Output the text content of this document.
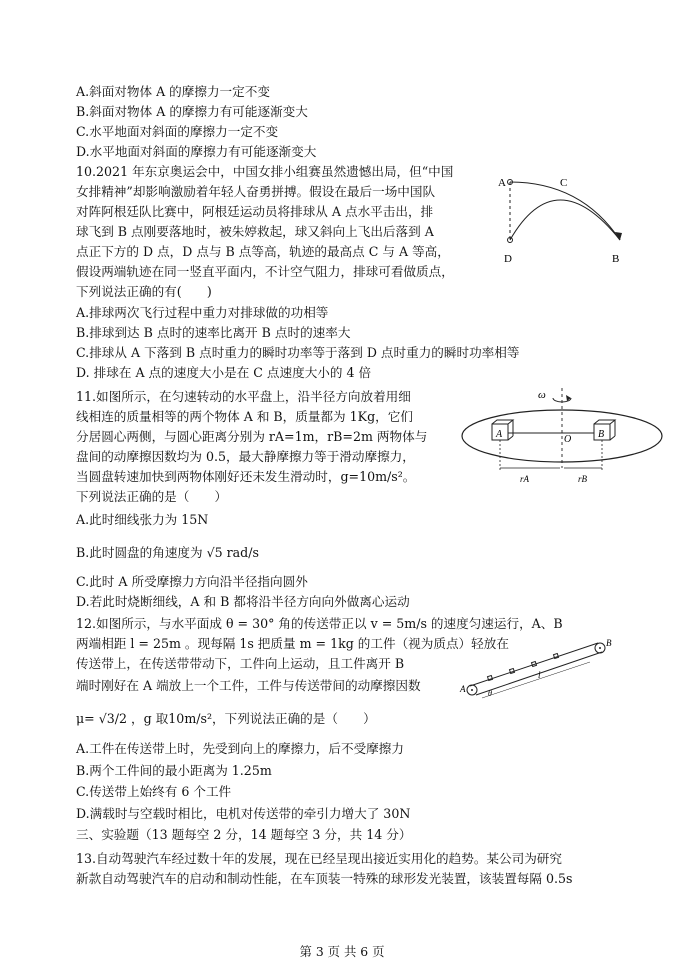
A.斜面对物体 A 的摩擦力一定不变
B.斜面对物体 A 的摩擦力有可能逐渐变大
C.水平地面对斜面的摩擦力一定不变
D.水平地面对斜面的摩擦力有可能逐渐变大
10.2021 年东京奥运会中，中国女排小组赛虽然遗憾出局，但“中国
女排精神”却影响激励着年轻人奋勇拼搏。假设在最后一场中国队
对阵阿根廷队比赛中，阿根廷运动员将排球从 A 点水平击出，排
球飞到 B 点刚要落地时，被朱婷救起，球又斜向上飞出后落到 A
点正下方的 D 点，D 点与 B 点等高，轨迹的最高点 C 与 A 等高，
假设两端轨迹在同一竖直平面内，不计空气阻力，排球可看做质点，
下列说法正确的有(　　)
A.排球两次飞行过程中重力对排球做的功相等
B.排球到达 B 点时的速率比离开 B 点时的速率大
C.排球从 A 下落到 B 点时重力的瞬时功率等于落到 D 点时重力的瞬时功率相等
D. 排球在 A 点的速度大小是在 C 点速度大小的 4 倍
11.如图所示，在匀速转动的水平盘上，沿半径方向放着用细
线相连的质量相等的两个物体 A 和 B，质量都为 1Kg，它们
分居圆心两侧，与圆心距离分别为 rA=1m，rB=2m 两物体与
盘间的动摩擦因数均为 0.5，最大静摩擦力等于滑动摩擦力，
当圆盘转速加快到两物体刚好还未发生滑动时，g=10m/s²。
下列说法正确的是（　　）
A.此时细线张力为 15N
B.此时圆盘的角速度为 √5 rad/s
C.此时 A 所受摩擦力方向沿半径指向圆外
D.若此时烧断细线，A 和 B 都将沿半径方向向外做离心运动
12.如图所示，与水平面成 θ = 30° 角的传送带正以 v = 5m/s 的速度匀速运行，A、B
两端相距 l = 25m 。现每隔 1s 把质量 m = 1kg 的工件（视为质点）轻放在
传送带上，在传送带带动下，工件向上运动，且工件离开 B
端时刚好在 A 端放上一个工件，工件与传送带间的动摩擦因数
μ= √3/2 ，g 取10m/s²，下列说法正确的是（　　）
A.工件在传送带上时，先受到向上的摩擦力，后不受摩擦力
B.两个工件间的最小距离为 1.25m
C.传送带上始终有 6 个工件
D.满载时与空载时相比，电机对传送带的牵引力增大了 30N
三、实验题（13 题每空 2 分，14 题每空 3 分，共 14 分）
13.自动驾驶汽车经过数十年的发展，现在已经呈现出接近实用化的趋势。某公司为研究
新款自动驾驶汽车的启动和制动性能，在车顶装一特殊的球形发光装置，该装置每隔 0.5s
A	C
D	B
ω
A	B
O
rA	rB
l
A
B
θ
第 3 页 共 6 页
